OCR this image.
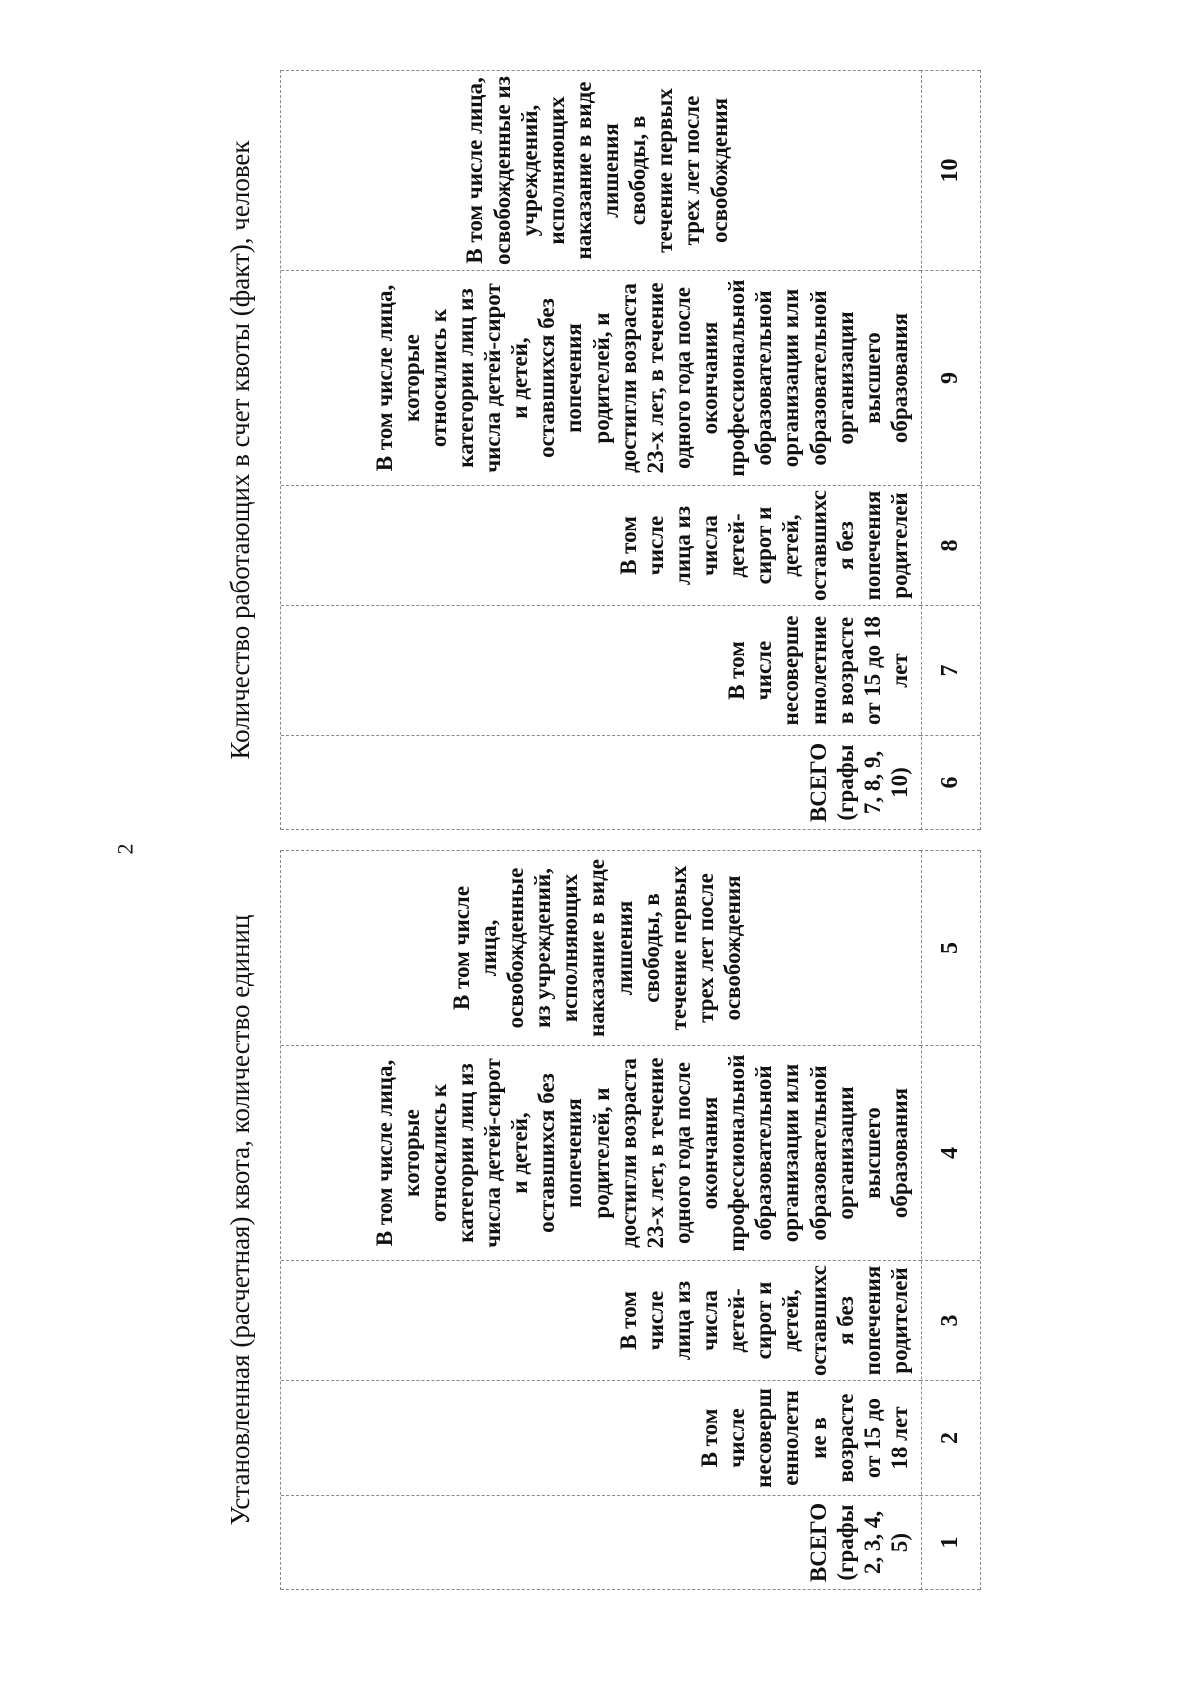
2
Установленная (расчетная) квота, количество единиц
Количество работающих в счет квоты (факт), человек
ВСЕГО (графы 2, 3, 4, 5)
В том числе несовершеннолетние в возрасте от 15 до 18 лет
В том числе лица из числа детей-сирот и детей, оставшихся без попечения родителей
В том числе лица, которые относились к категории лиц из числа детей-сирот и детей, оставшихся без попечения родителей, и достигли возраста 23-х лет, в течение одного года после окончания профессиональной образовательной организации или образовательной организации высшего образования
В том числе лица, освобожденные из учреждений, исполняющих наказание в виде лишения свободы, в течение первых трех лет после освобождения
ВСЕГО (графы 7, 8, 9, 10)
В том числе несовершеннолетние в возрасте от 15 до 18 лет
В том числе лица из числа детей-сирот и детей, оставшихся без попечения родителей
В том числе лица, которые относились к категории лиц из числа детей-сирот и детей, оставшихся без попечения родителей, и достигли возраста 23-х лет, в течение одного года после окончания профессиональной образовательной организации или образовательной организации высшего образования
В том числе лица, освобожденные из учреждений, исполняющих наказание в виде лишения свободы, в течение первых трех лет после освобождения
1
2
3
4
5
6
7
8
9
10
